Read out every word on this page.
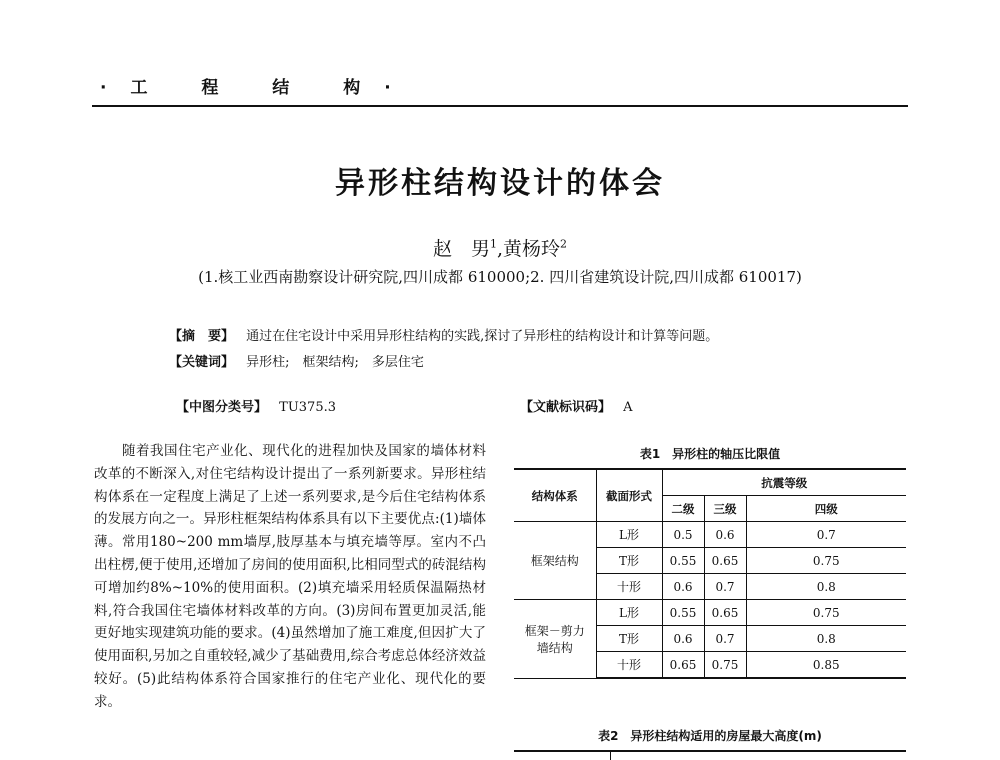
·工 程 结 构·
异形柱结构设计的体会
赵　男$^1$,黄杨玲$^2$
(1.核工业西南勘察设计研究院,四川成都 610000;2. 四川省建筑设计院,四川成都 610017)
【摘　要】 通过在住宅设计中采用异形柱结构的实践,探讨了异形柱的结构设计和计算等问题。
【关键词】 异形柱;　框架结构;　多层住宅
【中图分类号】 TU375.3	【文献标识码】 A

随着我国住宅产业化、现代化的进程加快及国家的墙体材料改革的不断深入,对住宅结构设计提出了一系列新要求。异形柱结构体系在一定程度上满足了上述一系列要求,是今后住宅结构体系的发展方向之一。异形柱框架结构体系具有以下主要优点:(1)墙体薄。常用180~200 mm墙厚,肢厚基本与填充墙等厚。室内不凸出柱楞,便于使用,还增加了房间的使用面积,比相同型式的砖混结构可增加约8%~10%的使用面积。(2)填充墙采用轻质保温隔热材料,符合我国住宅墙体材料改革的方向。(3)房间布置更加灵活,能更好地实现建筑功能的要求。(4)虽然增加了施工难度,但因扩大了使用面积,另加之自重较轻,减少了基础费用,综合考虑总体经济效益较好。(5)此结构体系符合国家推行的住宅产业化、现代化的要求。

表1　异形柱的轴压比限值
结构体系	截面形式	抗震等级		
		二级	三级	四级
框架结构	L形	0.5	0.6	0.7
	T形	0.55	0.65	0.75
	十形	0.6	0.7	0.8

框架－剪力
墙结构	L形	0.55	0.65	0.75
	T形	0.6	0.7	0.8
	十形	0.65	0.75	0.85
表2　异形柱结构适用的房屋最大高度(m)
